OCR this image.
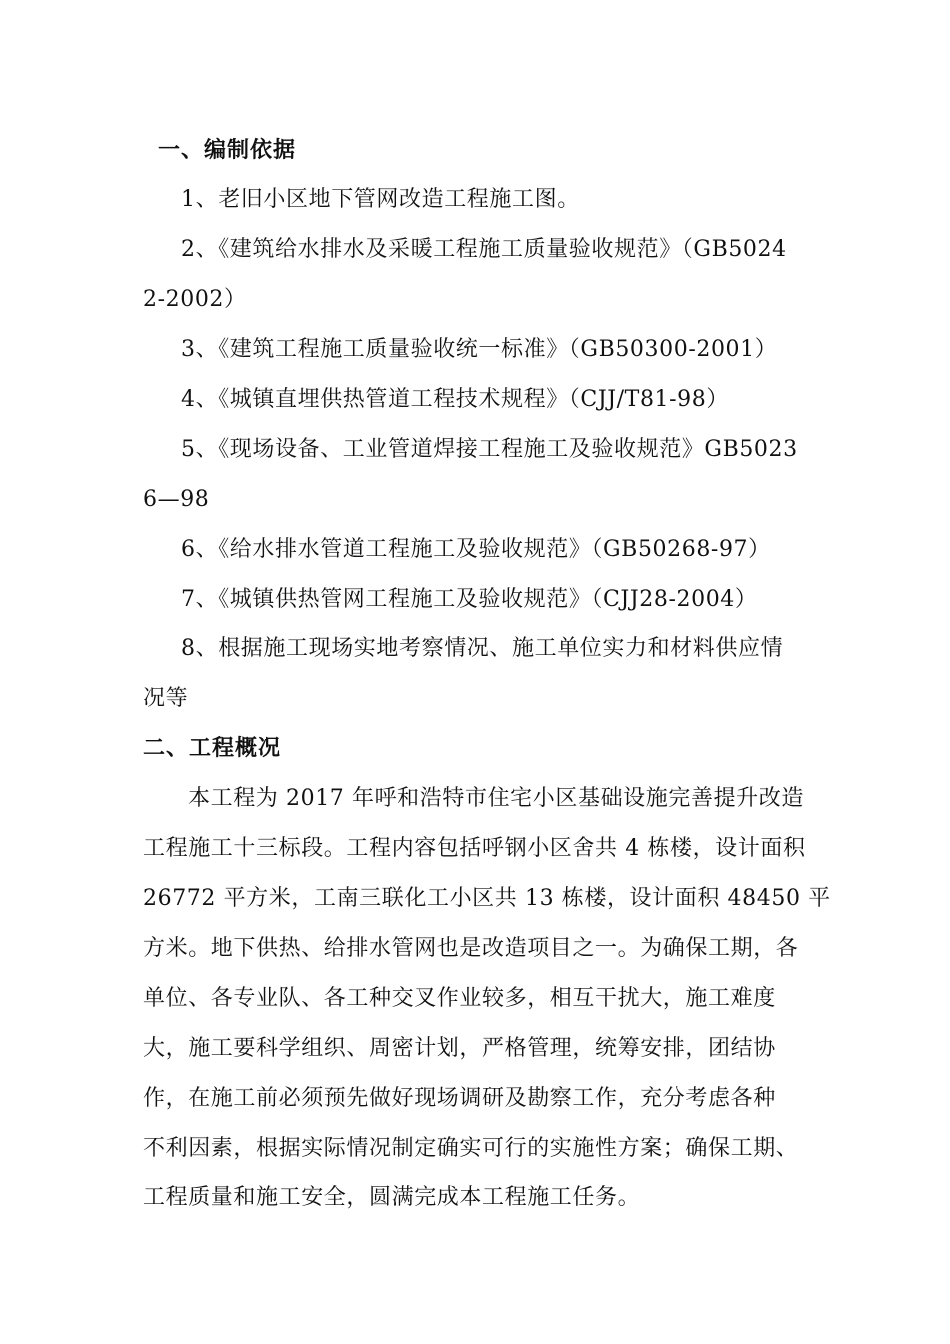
一、编制依据
1、老旧小区地下管网改造工程施工图。
2、《建筑给水排水及采暖工程施工质量验收规范》（GB5024
2-2002）
3、《建筑工程施工质量验收统一标准》（GB50300-2001）
4、《城镇直埋供热管道工程技术规程》（CJJ/T81-98）
5、《现场设备、工业管道焊接工程施工及验收规范》GB5023
6—98
6、《给水排水管道工程施工及验收规范》（GB50268-97）
7、《城镇供热管网工程施工及验收规范》（CJJ28-2004）
8、根据施工现场实地考察情况、施工单位实力和材料供应情
况等
二、工程概况
本工程为 2017 年呼和浩特市住宅小区基础设施完善提升改造
工程施工十三标段。工程内容包括呼钢小区舍共 4 栋楼，设计面积
26772 平方米，工南三联化工小区共 13 栋楼，设计面积 48450 平
方米。地下供热、给排水管网也是改造项目之一。为确保工期，各
单位、各专业队、各工种交叉作业较多，相互干扰大，施工难度
大，施工要科学组织、周密计划，严格管理，统筹安排，团结协
作，在施工前必须预先做好现场调研及勘察工作，充分考虑各种
不利因素，根据实际情况制定确实可行的实施性方案；确保工期、
工程质量和施工安全，圆满完成本工程施工任务。
